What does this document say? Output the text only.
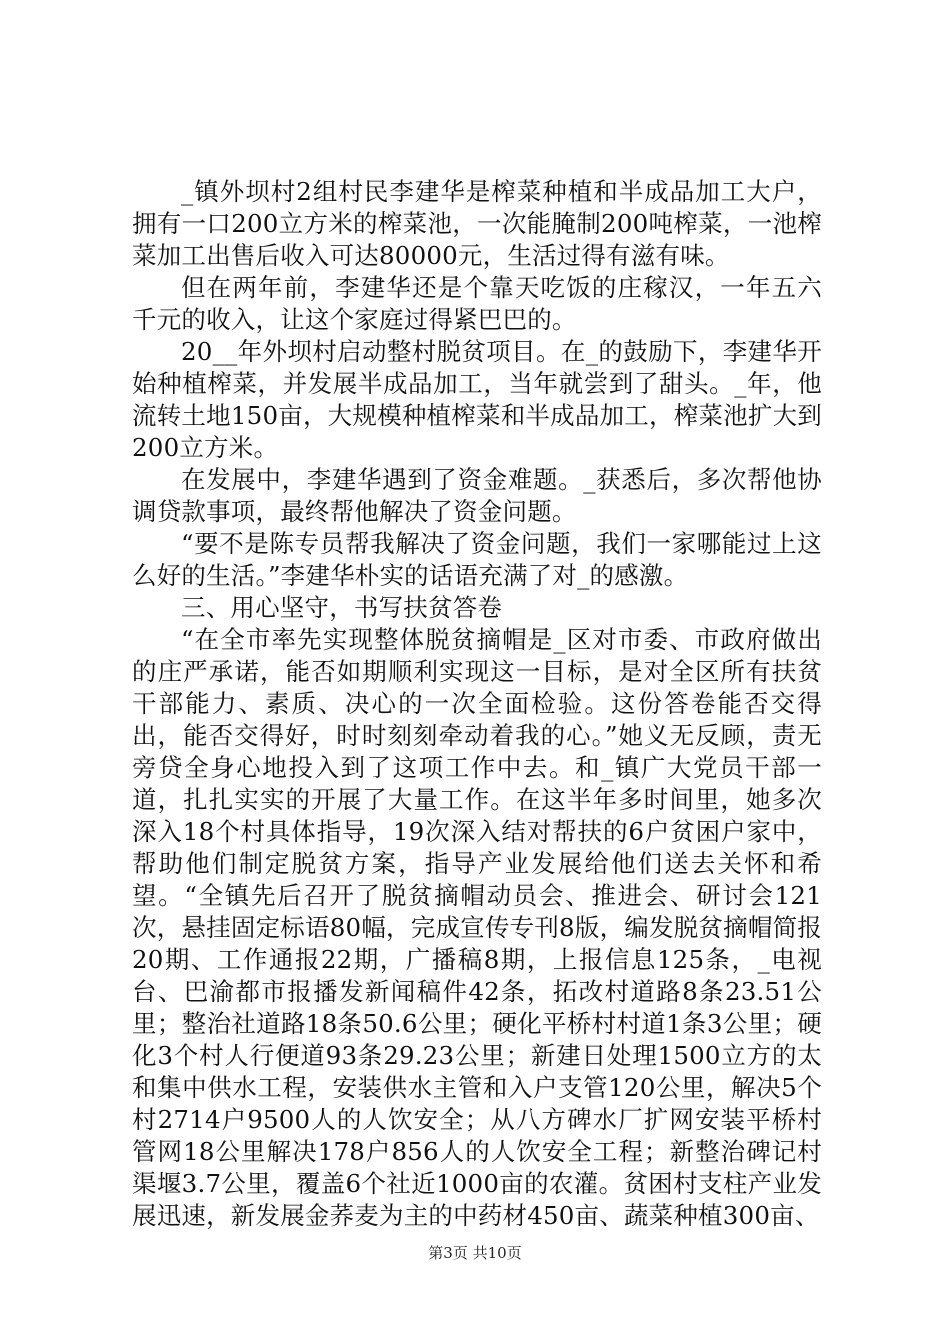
_镇外坝村2组村民李建华是榨菜种植和半成品加工大户，拥有一口200立方米的榨菜池，一次能腌制200吨榨菜，一池榨菜加工出售后收入可达80000元，生活过得有滋有味。

但在两年前，李建华还是个靠天吃饭的庄稼汉，一年五六千元的收入，让这个家庭过得紧巴巴的。

20__年外坝村启动整村脱贫项目。在_的鼓励下，李建华开始种植榨菜，并发展半成品加工，当年就尝到了甜头。_年，他流转土地150亩，大规模种植榨菜和半成品加工，榨菜池扩大到200立方米。

在发展中，李建华遇到了资金难题。_获悉后，多次帮他协调贷款事项，最终帮他解决了资金问题。

“要不是陈专员帮我解决了资金问题，我们一家哪能过上这么好的生活。”李建华朴实的话语充满了对_的感激。

三、用心坚守，书写扶贫答卷

“在全市率先实现整体脱贫摘帽是_区对市委、市政府做出的庄严承诺，能否如期顺利实现这一目标，是对全区所有扶贫干部能力、素质、决心的一次全面检验。这份答卷能否交得出，能否交得好，时时刻刻牵动着我的心。”她义无反顾，责无旁贷全身心地投入到了这项工作中去。和_镇广大党员干部一道，扎扎实实的开展了大量工作。在这半年多时间里，她多次深入18个村具体指导，19次深入结对帮扶的6户贫困户家中，帮助他们制定脱贫方案，指导产业发展给他们送去关怀和希望。“全镇先后召开了脱贫摘帽动员会、推进会、研讨会121次，悬挂固定标语80幅，完成宣传专刊8版，编发脱贫摘帽简报20期、工作通报22期，广播稿8期，上报信息125条，_电视台、巴渝都市报播发新闻稿件42条，拓改村道路8条23.51公里；整治社道路18条50.6公里；硬化平桥村村道1条3公里；硬化3个村人行便道93条29.23公里；新建日处理1500立方的太和集中供水工程，安装供水主管和入户支管120公里，解决5个村2714户9500人的人饮安全；从八方碑水厂扩网安装平桥村管网18公里解决178户856人的人饮安全工程；新整治碑记村渠堰3.7公里，覆盖6个社近1000亩的农灌。贫困村支柱产业发展迅速，新发展金荞麦为主的中药材450亩、蔬菜种植300亩、

第3页 共10页
